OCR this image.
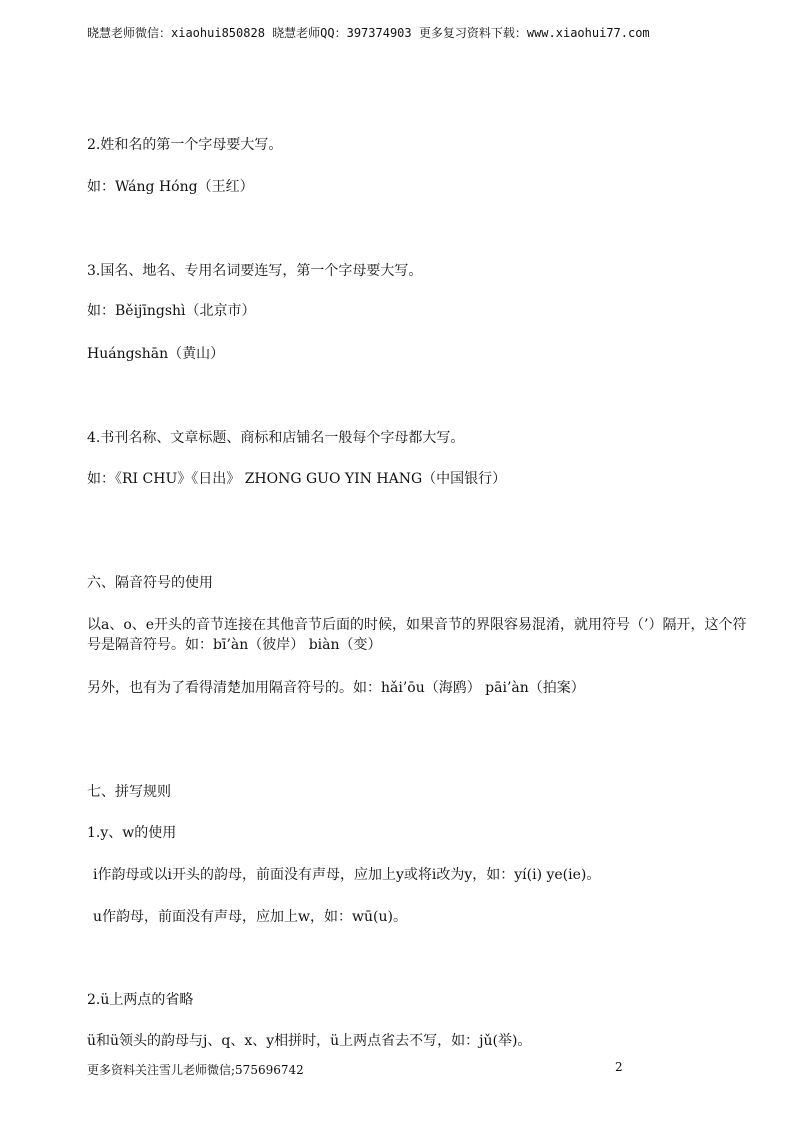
晓慧老师微信：xiaohui850828 晓慧老师QQ：397374903 更多复习资料下载：www.xiaohui77.com
2.姓和名的第一个字母要大写。
如：Wáng Hóng（王红）
3.国名、地名、专用名词要连写，第一个字母要大写。
如：Běijīngshì（北京市）
Huángshān（黄山）
4.书刊名称、文章标题、商标和店铺名一般每个字母都大写。
如：《RI CHU》《日出》 ZHONG GUO YIN HANG（中国银行）
六、隔音符号的使用
以a、o、e开头的音节连接在其他音节后面的时候，如果音节的界限容易混淆，就用符号（’）隔开，这个符号是隔音符号。如：bī’àn（彼岸） biàn（变）
另外，也有为了看得清楚加用隔音符号的。如：hǎi’ōu（海鸥） pāi’àn（拍案）
七、拼写规则
1.y、w的使用
i作韵母或以i开头的韵母，前面没有声母，应加上y或将i改为y，如：yí(i) ye(ie)。
u作韵母，前面没有声母，应加上w，如：wū(u)。
2.ü上两点的省略
ü和ü领头的韵母与j、q、x、y相拼时，ü上两点省去不写，如：jǔ(举)。
更多资料关注雪儿老师微信;575696742	2
